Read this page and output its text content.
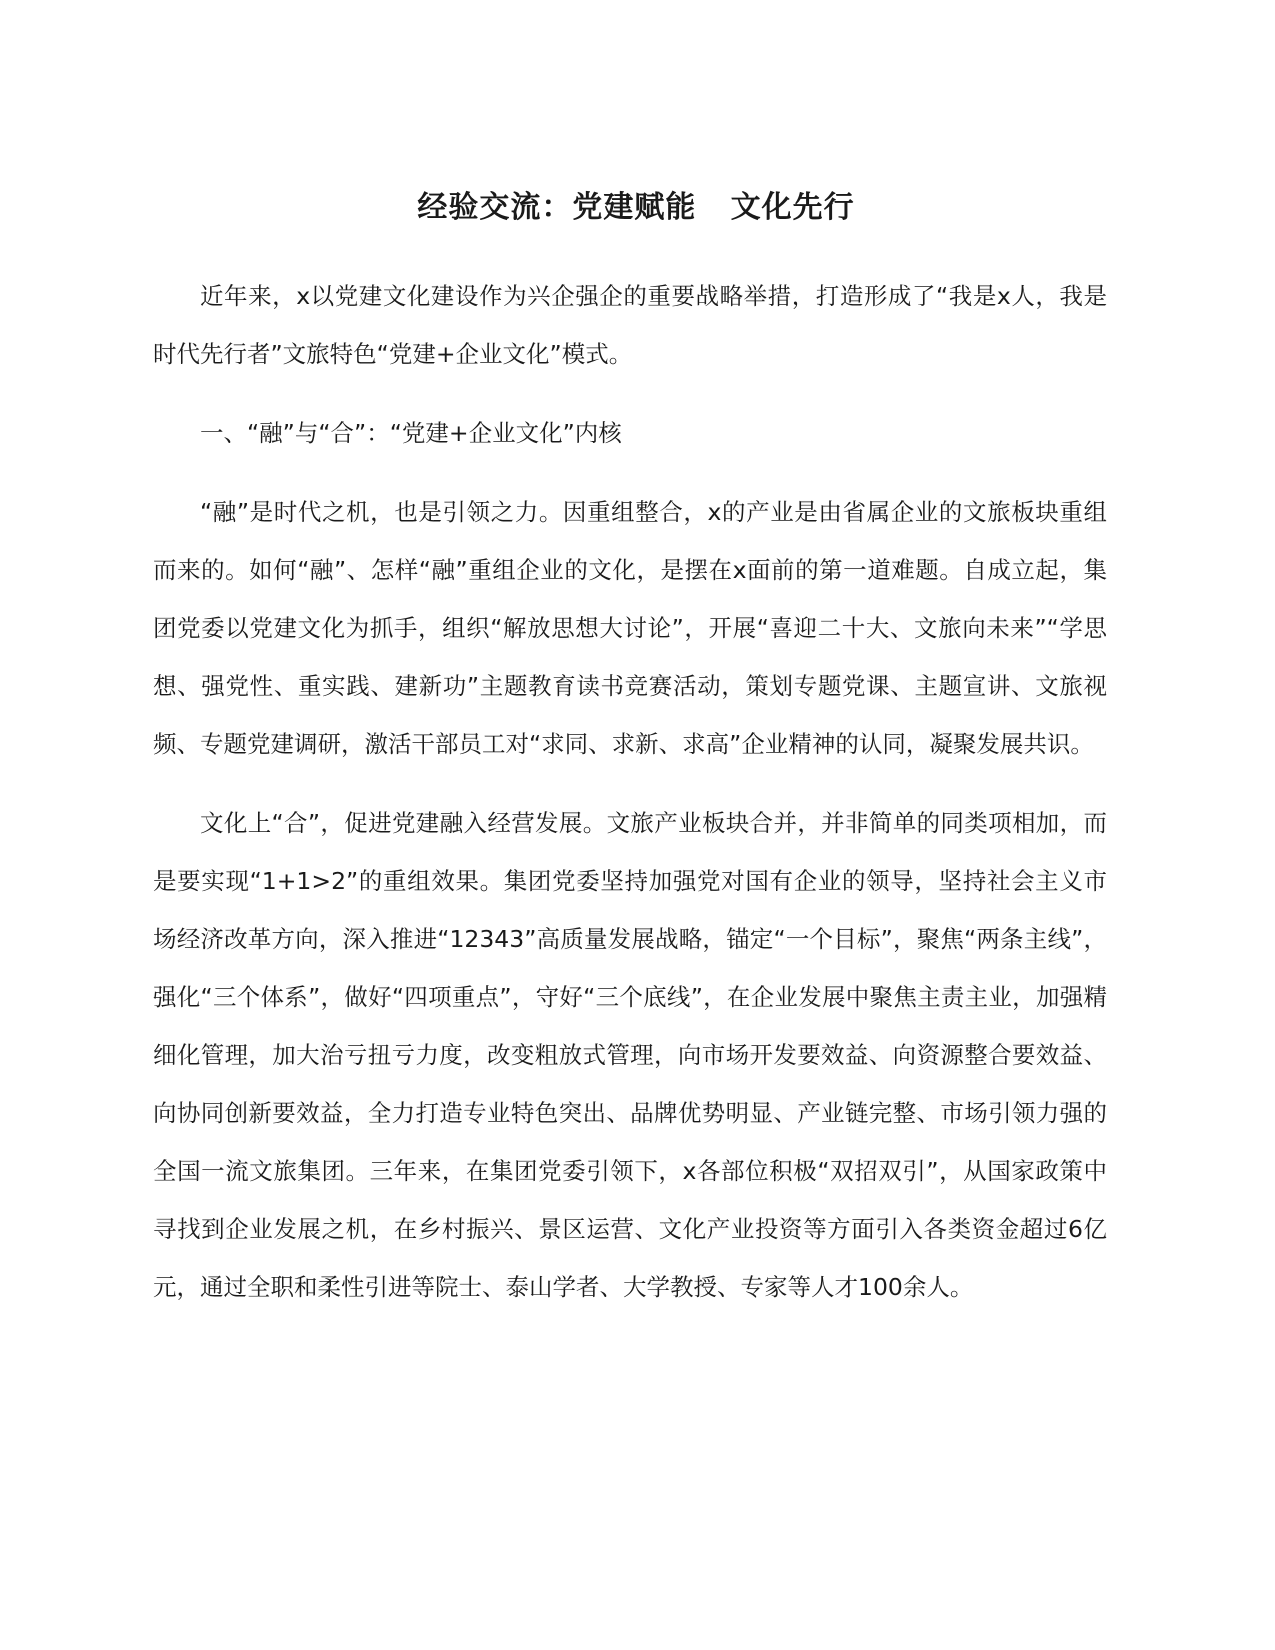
经验交流：党建赋能   文化先行

近年来，x以党建文化建设作为兴企强企的重要战略举措，打造形成了“我是x人，我是时代先行者”文旅特色“党建+企业文化”模式。

一、“融”与“合”：“党建+企业文化”内核

“融”是时代之机，也是引领之力。因重组整合，x的产业是由省属企业的文旅板块重组而来的。如何“融”、怎样“融”重组企业的文化，是摆在x面前的第一道难题。自成立起，集团党委以党建文化为抓手，组织“解放思想大讨论”，开展“喜迎二十大、文旅向未来”“学思想、强党性、重实践、建新功”主题教育读书竞赛活动，策划专题党课、主题宣讲、文旅视频、专题党建调研，激活干部员工对“求同、求新、求高”企业精神的认同，凝聚发展共识。

文化上“合”，促进党建融入经营发展。文旅产业板块合并，并非简单的同类项相加，而是要实现“1+1>2”的重组效果。集团党委坚持加强党对国有企业的领导，坚持社会主义市场经济改革方向，深入推进“12343”高质量发展战略，锚定“一个目标”，聚焦“两条主线”，强化“三个体系”，做好“四项重点”，守好“三个底线”，在企业发展中聚焦主责主业，加强精细化管理，加大治亏扭亏力度，改变粗放式管理，向市场开发要效益、向资源整合要效益、向协同创新要效益，全力打造专业特色突出、品牌优势明显、产业链完整、市场引领力强的全国一流文旅集团。三年来，在集团党委引领下，x各部位积极“双招双引”，从国家政策中寻找到企业发展之机，在乡村振兴、景区运营、文化产业投资等方面引入各类资金超过6亿元，通过全职和柔性引进等院士、泰山学者、大学教授、专家等人才100余人。
